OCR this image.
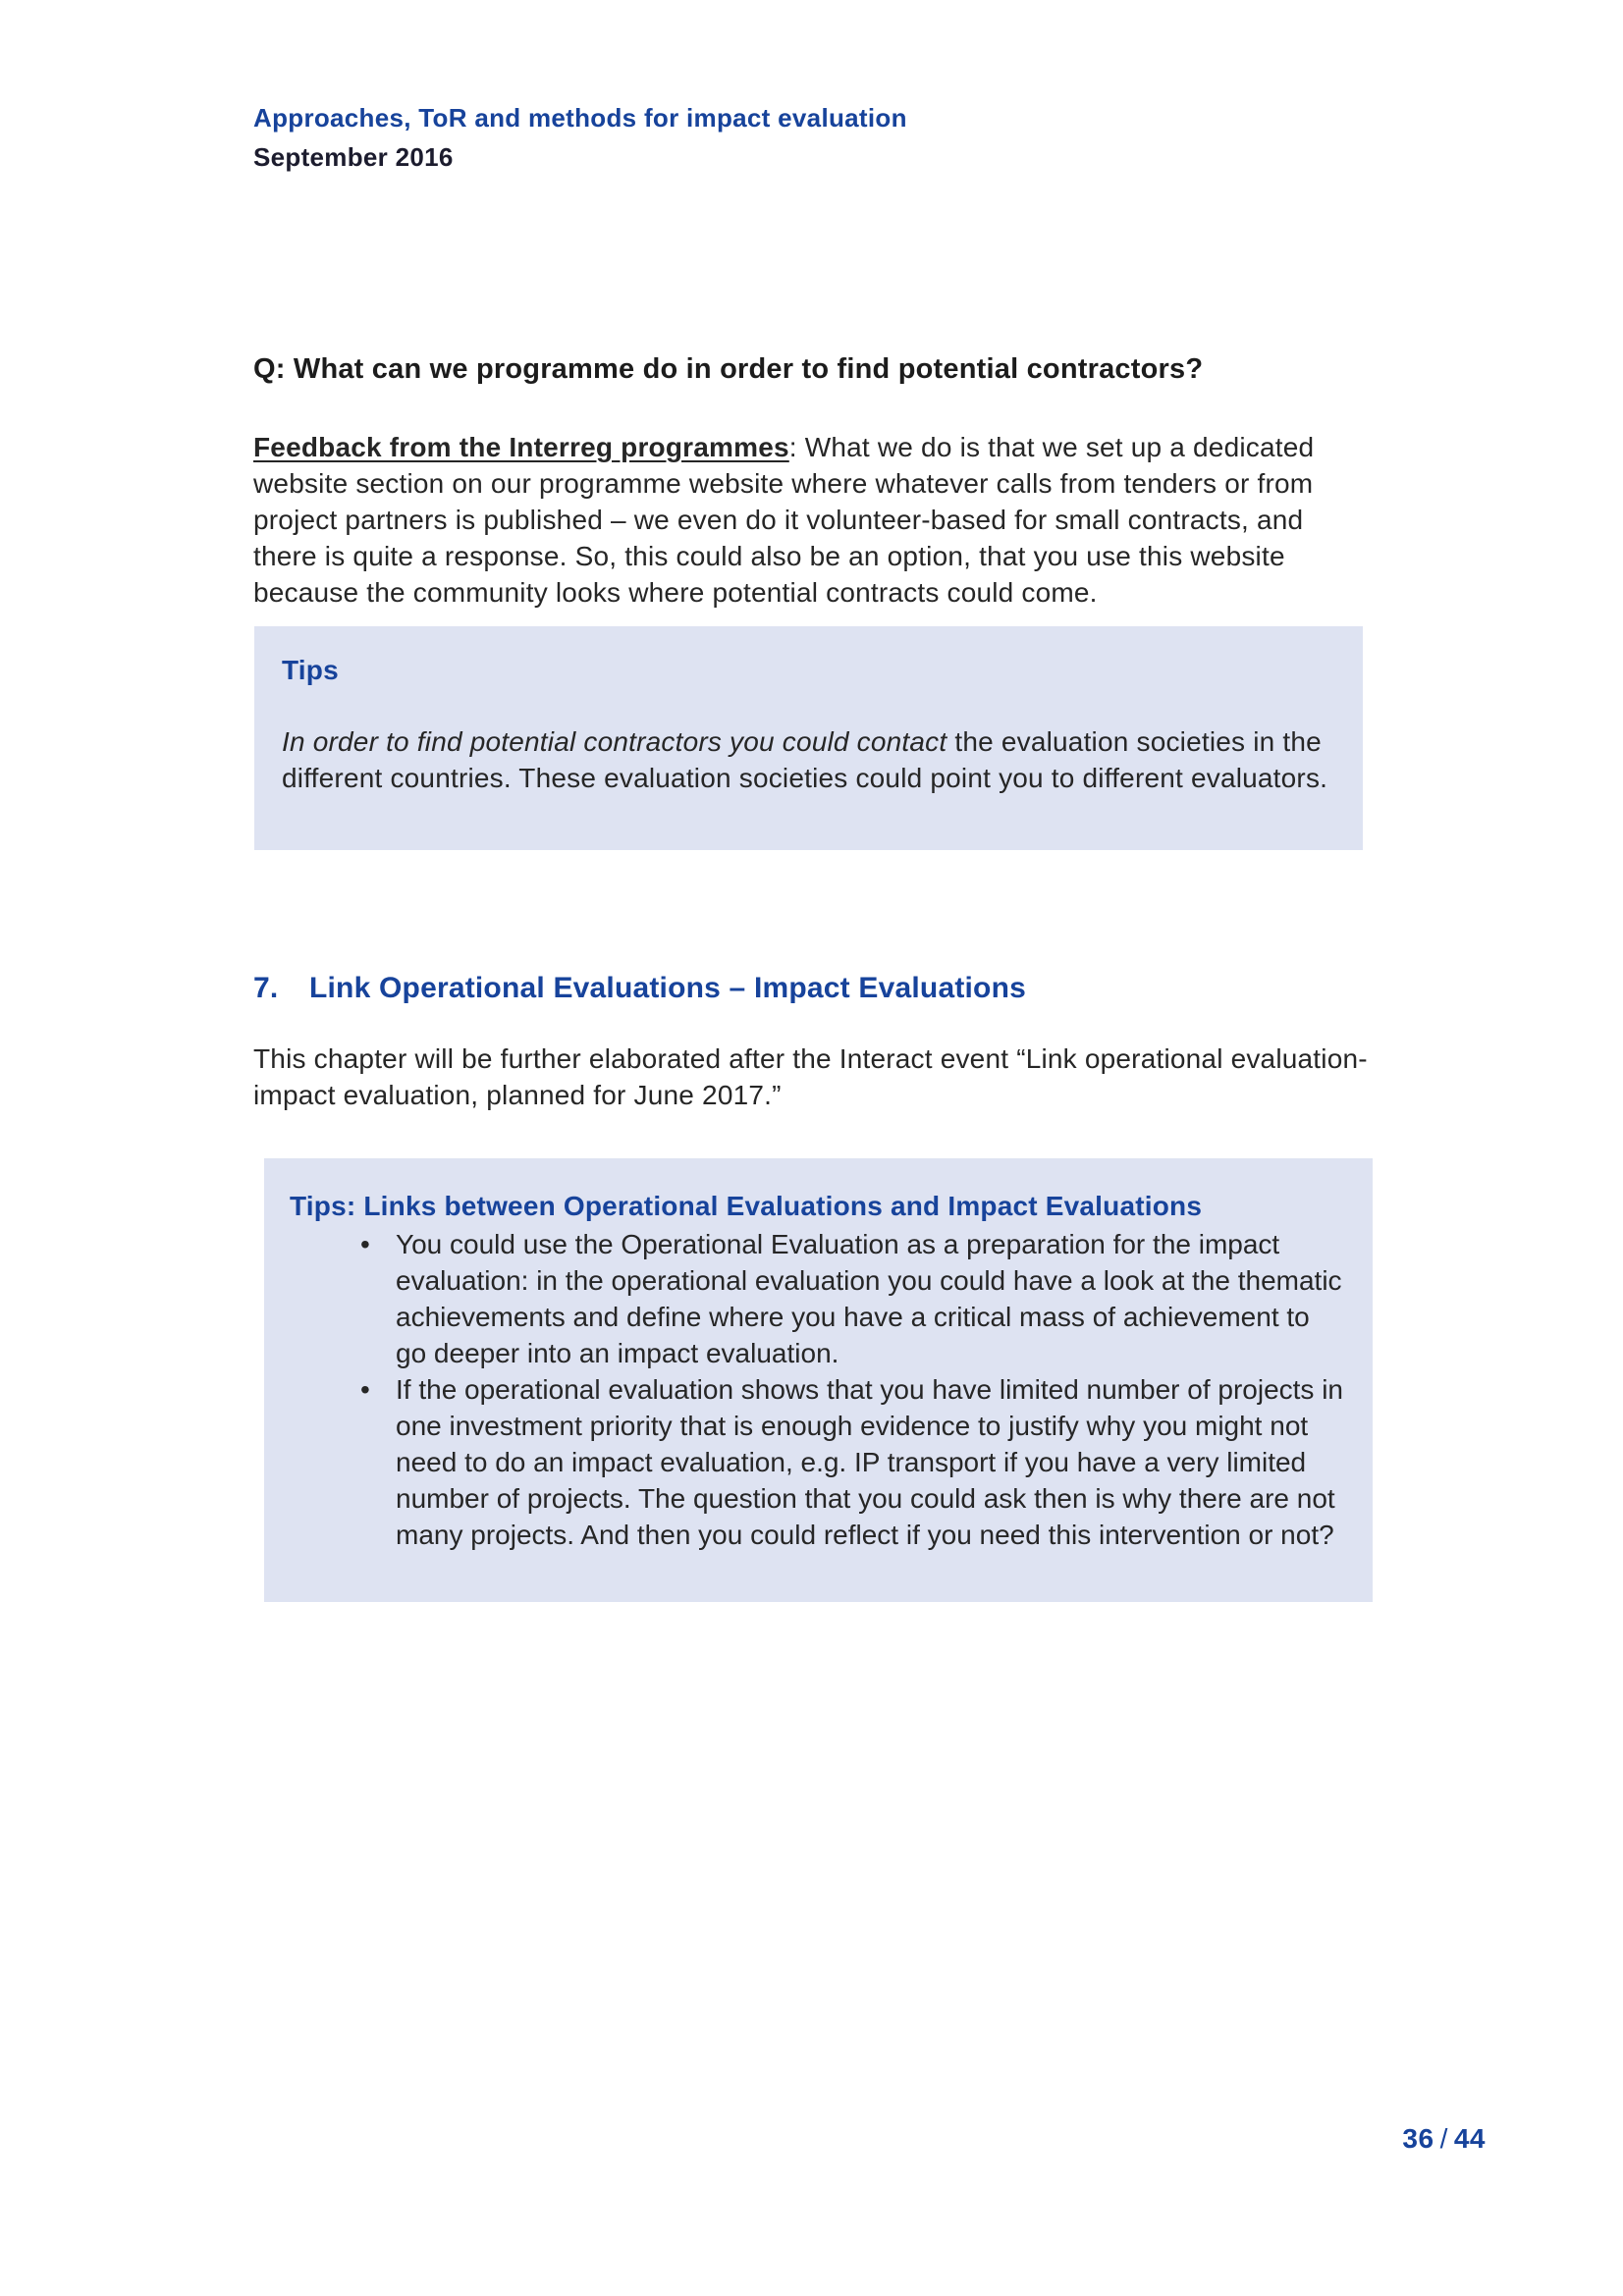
Approaches, ToR and methods for impact evaluation
September 2016
Q: What can we programme do in order to find potential contractors?
Feedback from the Interreg programmes: What we do is that we set up a dedicated website section on our programme website where whatever calls from tenders or from project partners is published – we even do it volunteer-based for small contracts, and there is quite a response. So, this could also be an option, that you use this website because the community looks where potential contracts could come.
Tips
In order to find potential contractors you could contact the evaluation societies in the different countries. These evaluation societies could point you to different evaluators.
7. Link Operational Evaluations – Impact Evaluations
This chapter will be further elaborated after the Interact event “Link operational evaluation-impact evaluation, planned for June 2017.”
Tips: Links between Operational Evaluations and Impact Evaluations
• You could use the Operational Evaluation as a preparation for the impact evaluation: in the operational evaluation you could have a look at the thematic achievements and define where you have a critical mass of achievement to go deeper into an impact evaluation.
• If the operational evaluation shows that you have limited number of projects in one investment priority that is enough evidence to justify why you might not need to do an impact evaluation, e.g. IP transport if you have a very limited number of projects. The question that you could ask then is why there are not many projects. And then you could reflect if you need this intervention or not?
36 / 44
